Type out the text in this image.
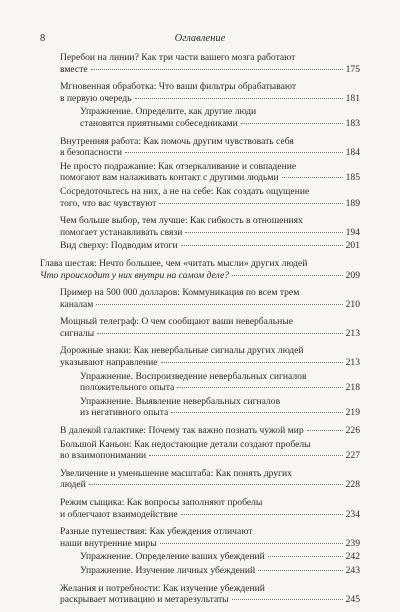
8	Оглавление
Перебои на линии? Как три части вашего мозга работают
вместе	175
Мгновенная обработка: Что ваши фильтры обрабатывают
в первую очередь	181
Упражнение. Определите, как другие люди
становятся приятными собеседниками	183
Внутренняя работа: Как помочь другим чувствовать себя
в безопасности	184
Не просто подражание: Как отзеркаливание и совпадение
помогают вам налаживать контакт с другими людьми	185
Сосредоточьтесь на них, а не на себе: Как создать ощущение
того, что вас чувствуют	189
Чем больше выбор, тем лучше: Как гибкость в отношениях
помогает устанавливать связи	194
Вид сверху: Подводим итоги	201
Глава шестая: Нечто большее, чем «читать мысли» других людей
Что происходит у них внутри на самом деле?	209
Пример на 500 000 долларов: Коммуникация по всем трем
каналам	210
Мощный телеграф: О чем сообщают ваши невербальные
сигналы	213
Дорожные знаки: Как невербальные сигналы других людей
указывают направление	213
Упражнение. Воспроизведение невербальных сигналов
положительного опыта	218
Упражнение. Выявление невербальных сигналов
из негативного опыта	219
В далекой галактике: Почему так важно познать чужой мир	226
Большой Каньон: Как недостающие детали создают пробелы
во взаимопонимании	227
Увеличение и уменьшение масштаба: Как понять других
людей	228
Режим сыщика: Как вопросы заполняют пробелы
и облегчают взаимодействие	234
Разные путешествия: Как убеждения отличают
наши внутренние миры	239
Упражнение. Определение ваших убеждений	242
Упражнение. Изучение личных убеждений	243
Желания и потребности: Как изучение убеждений
раскрывает мотивацию и метарезультаты	245
